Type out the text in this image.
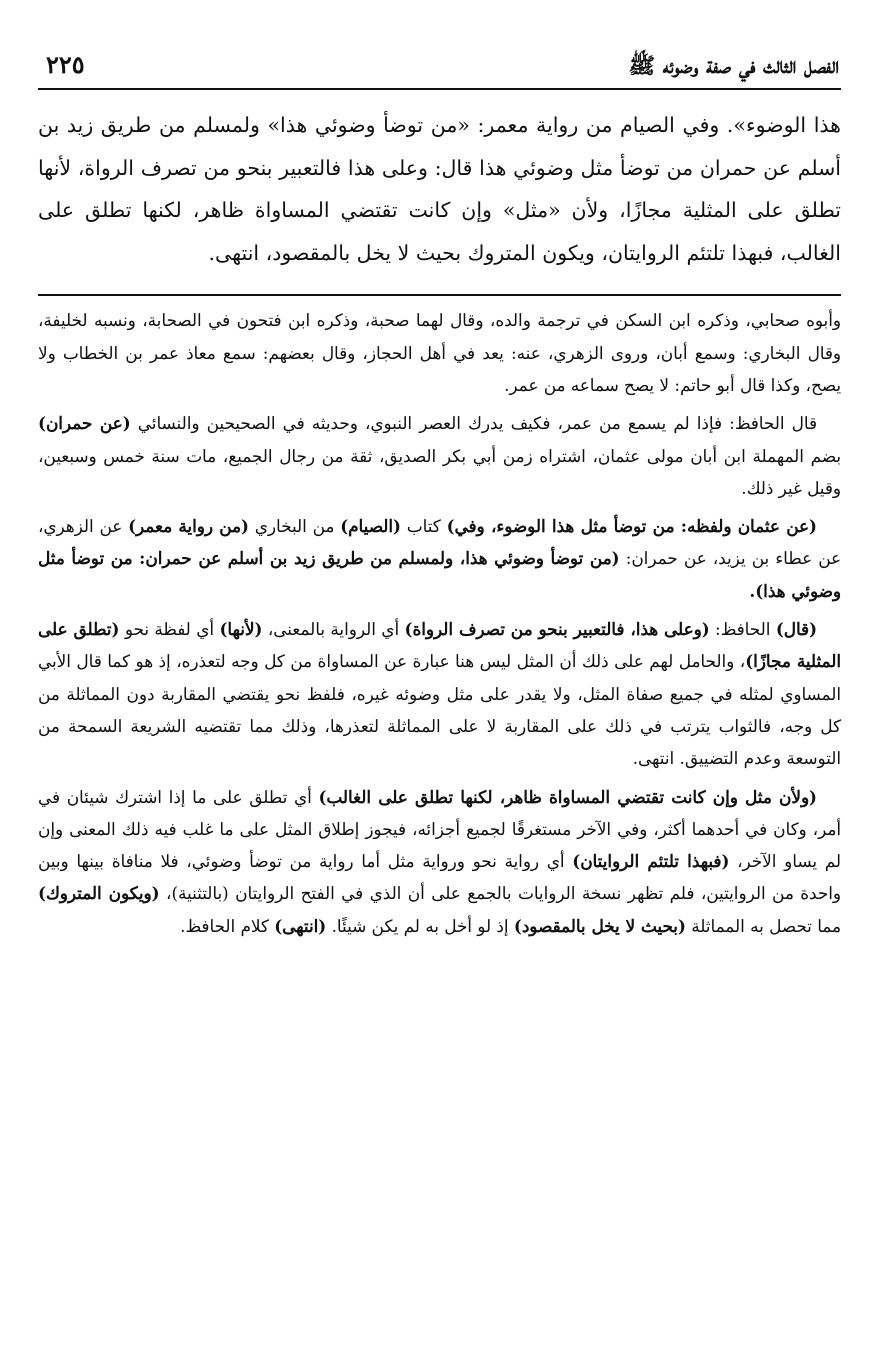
الفصل الثالث في صفة وضوئه ﷺ
٢٢٥

هذا الوضوء». وفي الصيام من رواية معمر: «من توضأ وضوئي هذا» ولمسلم من طريق زيد بن أسلم عن حمران من توضأ مثل وضوئي هذا قال: وعلى هذا فالتعبير بنحو من تصرف الرواة، لأنها تطلق على المثلية مجازًا، ولأن «مثل» وإن كانت تقتضي المساواة ظاهر، لكنها تطلق على الغالب، فبهذا تلتئم الروايتان، ويكون المتروك بحيث لا يخل بالمقصود، انتهى.

وأبوه صحابي، وذكره ابن السكن في ترجمة والده، وقال لهما صحبة، وذكره ابن فتحون في الصحابة، ونسبه لخليفة، وقال البخاري: وسمع أبان، وروى الزهري، عنه: يعد في أهل الحجاز، وقال بعضهم: سمع معاذ عمر بن الخطاب ولا يصح، وكذا قال أبو حاتم: لا يصح سماعه من عمر.

قال الحافظ: فإذا لم يسمع من عمر، فكيف يدرك العصر النبوي، وحديثه في الصحيحين والنسائي (عن حمران) بضم المهملة ابن أبان مولى عثمان، اشتراه زمن أبي بكر الصديق، ثقة من رجال الجميع، مات سنة خمس وسبعين، وقيل غير ذلك.

(عن عثمان ولفظه: من توضأ مثل هذا الوضوء، وفي) كتاب (الصيام) من البخاري (من رواية معمر) عن الزهري، عن عطاء بن يزيد، عن حمران: (من توضأ وضوئي هذا، ولمسلم من طريق زيد بن أسلم عن حمران: من توضأ مثل وضوئي هذا).

(قال) الحافظ: (وعلى هذا، فالتعبير بنحو من تصرف الرواة) أي الرواية بالمعنى، (لأنها) أي لفظة نحو (تطلق على المثلية مجازًا)، والحامل لهم على ذلك أن المثل ليس هنا عبارة عن المساواة من كل وجه لتعذره، إذ هو كما قال الأبي المساوي لمثله في جميع صفاة المثل، ولا يقدر على مثل وضوئه غيره، فلفظ نحو يقتضي المقاربة دون المماثلة من كل وجه، فالثواب يترتب في ذلك على المقاربة لا على المماثلة لتعذرها، وذلك مما تقتضيه الشريعة السمحة من التوسعة وعدم التضييق. انتهى.

(ولأن مثل وإن كانت تقتضي المساواة ظاهر، لكنها تطلق على الغالب) أي تطلق على ما إذا اشترك شيئان في أمر، وكان في أحدهما أكثر، وفي الآخر مستغرقًا لجميع أجزائه، فيجوز إطلاق المثل على ما غلب فيه ذلك المعنى وإن لم يساو الآخر، (فبهذا تلتئم الروايتان) أي رواية نحو ورواية مثل أما رواية من توضأ وضوئي، فلا منافاة بينها وبين واحدة من الروايتين، فلم تظهر نسخة الروايات بالجمع على أن الذي في الفتح الروايتان (بالتثنية)، (ويكون المتروك) مما تحصل به المماثلة (بحيث لا يخل بالمقصود) إذ لو أخل به لم يكن شيئًا. (انتهى) كلام الحافظ.
